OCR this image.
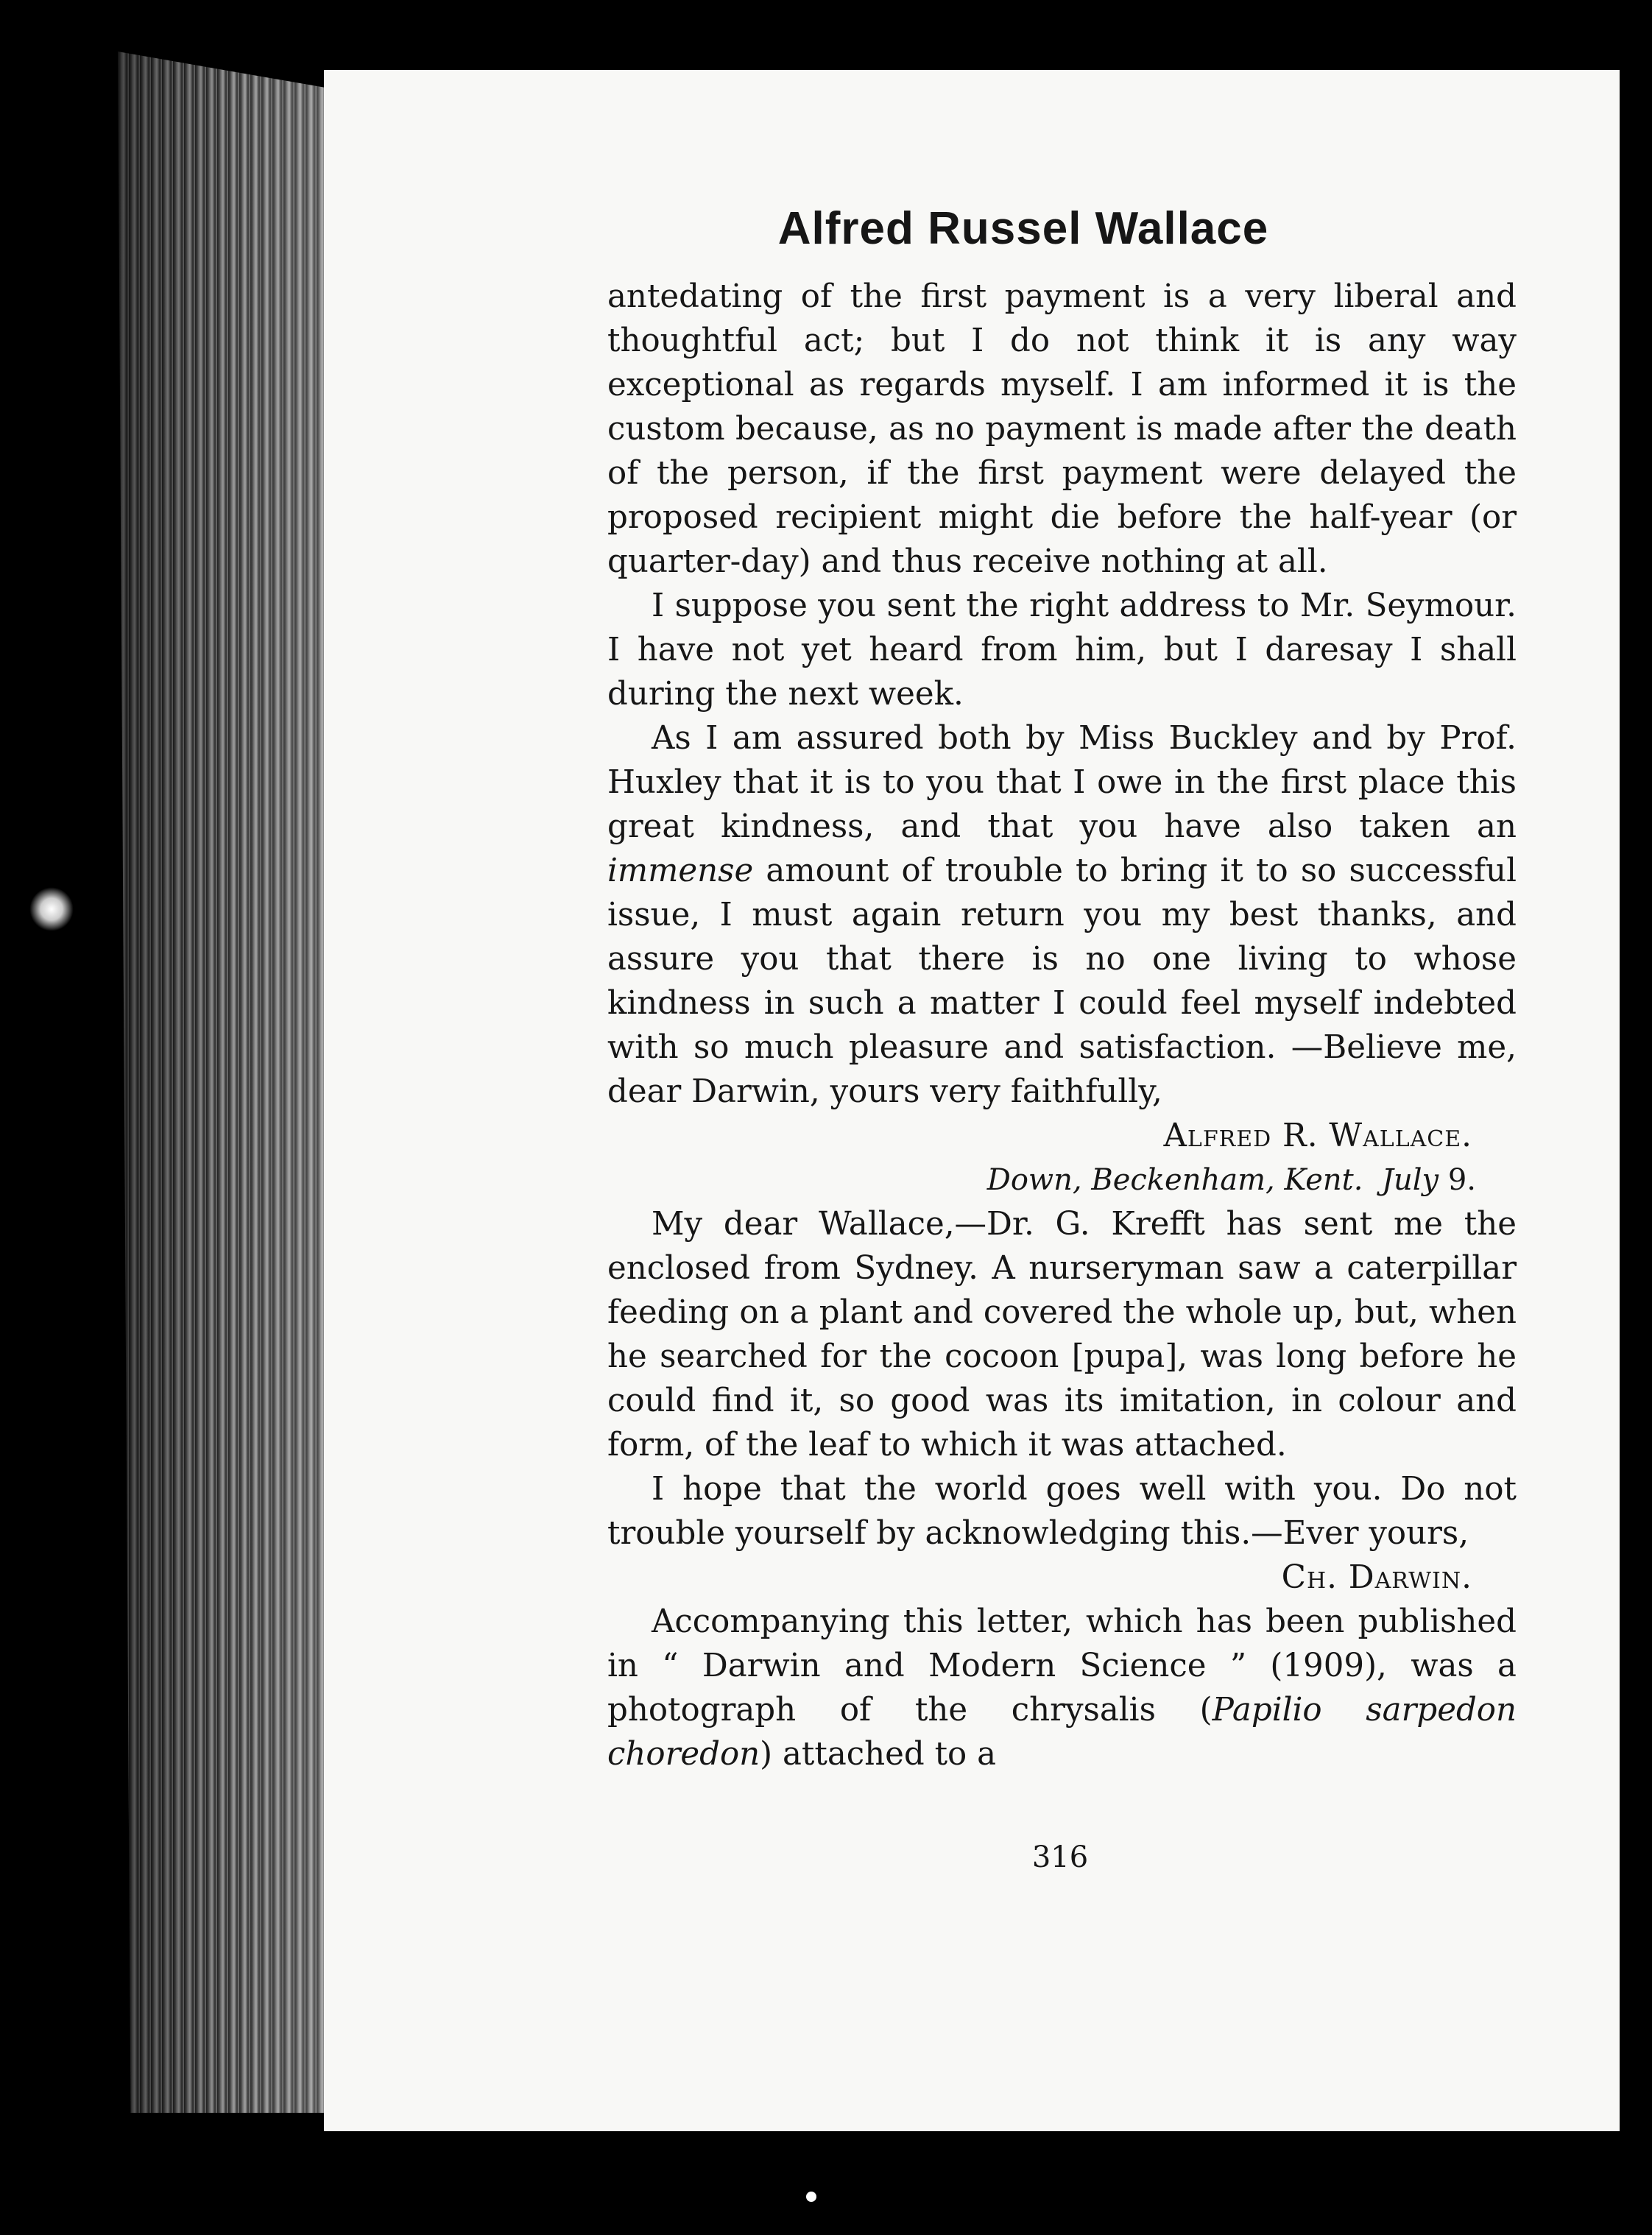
Alfred Russel Wallace

antedating of the first payment is a very liberal and thoughtful act; but I do not think it is any way exceptional as regards myself. I am informed it is the custom because, as no payment is made after the death of the person, if the first payment were delayed the proposed recipient might die before the half-year (or quarter-day) and thus receive nothing at all.

I suppose you sent the right address to Mr. Seymour. I have not yet heard from him, but I daresay I shall during the next week.

As I am assured both by Miss Buckley and by Prof. Huxley that it is to you that I owe in the first place this great kindness, and that you have also taken an immense amount of trouble to bring it to so successful issue, I must again return you my best thanks, and assure you that there is no one living to whose kindness in such a matter I could feel myself indebted with so much pleasure and satisfaction. —Believe me, dear Darwin, yours very faithfully,

Alfred R. Wallace.

Down, Beckenham, Kent. July 9.

My dear Wallace,—Dr. G. Krefft has sent me the enclosed from Sydney. A nurseryman saw a caterpillar feeding on a plant and covered the whole up, but, when he searched for the cocoon [pupa], was long before he could find it, so good was its imitation, in colour and form, of the leaf to which it was attached.

I hope that the world goes well with you. Do not trouble yourself by acknowledging this.—Ever yours,

Ch. Darwin.

Accompanying this letter, which has been published in “ Darwin and Modern Science ” (1909), was a photograph of the chrysalis (Papilio sarpedon choredon) attached to a

316
